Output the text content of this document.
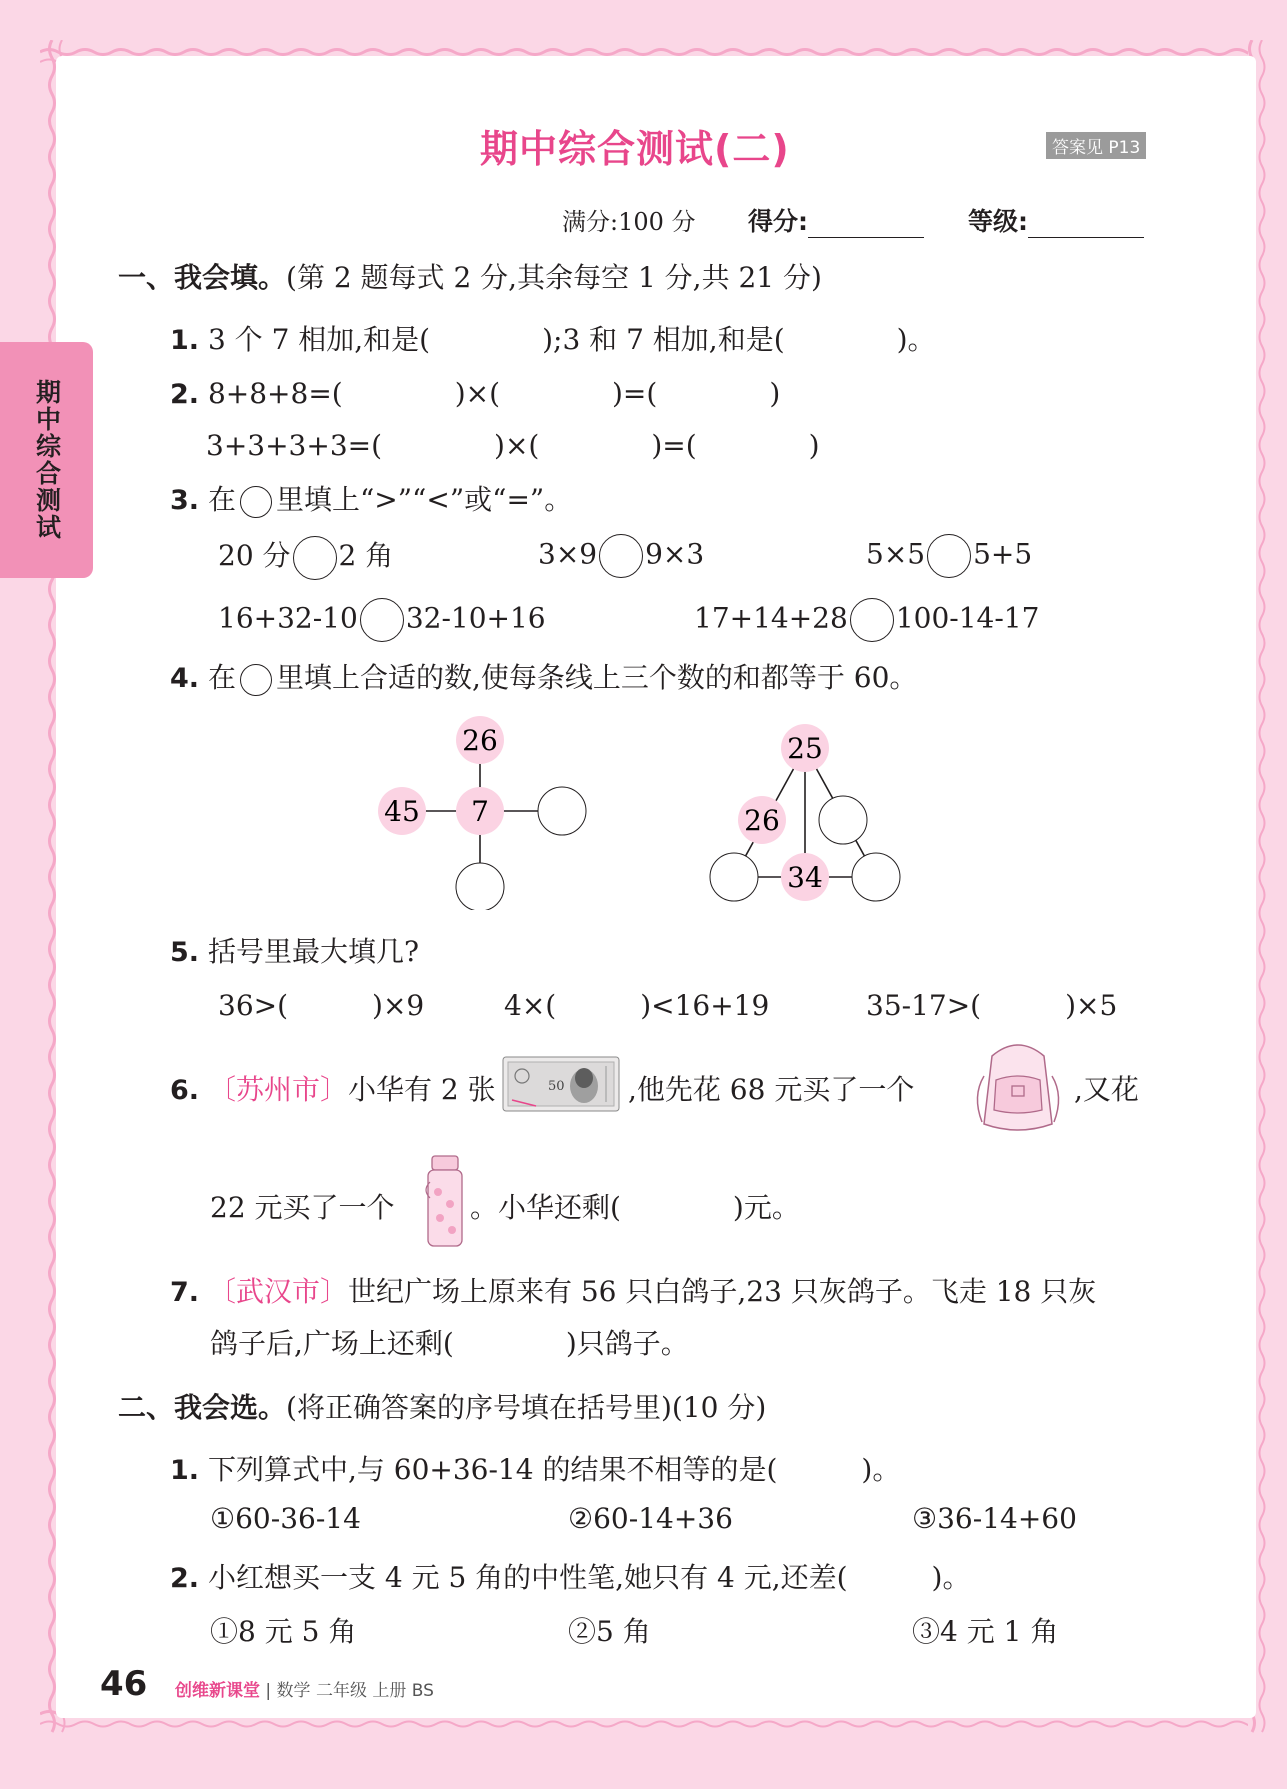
期中综合测试
期中综合测试(二)	答案见 P13
满分:100 分 得分:	等级:
一、我会填。(第 2 题每式 2 分,其余每空 1 分,共 21 分)
1. 3 个 7 相加,和是(　　　　);3 和 7 相加,和是(　　　　)。
2. 8+8+8=(　　　　)×(　　　　)=(　　　　)
3+3+3+3=(　　　　)×(　　　　)=(　　　　)
3. 在 里填上“>”“<”或“=”。
20 分 2 角	3×9 9×3	5×5 5+5
16+32-10 32-10+16	17+14+28 100-14-17
4. 在 里填上合适的数,使每条线上三个数的和都等于 60。
26
45 7
25
26
34
5. 括号里最大填几?
36>(　　　)×9	4×(　　　)<16+19	35-17>(　　　)×5
6. 〔苏州市〕小华有 2 张	50 ,他先花 68 元买了一个	,又花
22 元买了一个	。小华还剩(　　　　)元。
7. 〔武汉市〕世纪广场上原来有 56 只白鸽子,23 只灰鸽子。飞走 18 只灰
鸽子后,广场上还剩(　　　　)只鸽子。
二、我会选。(将正确答案的序号填在括号里)(10 分)
1. 下列算式中,与 60+36-14 的结果不相等的是(　　　)。
①60-36-14	②60-14+36	③36-14+60
2. 小红想买一支 4 元 5 角的中性笔,她只有 4 元,还差(　　　)。
①8 元 5 角	②5 角	③4 元 1 角
46 创维新课堂 | 数学 二年级 上册 BS
